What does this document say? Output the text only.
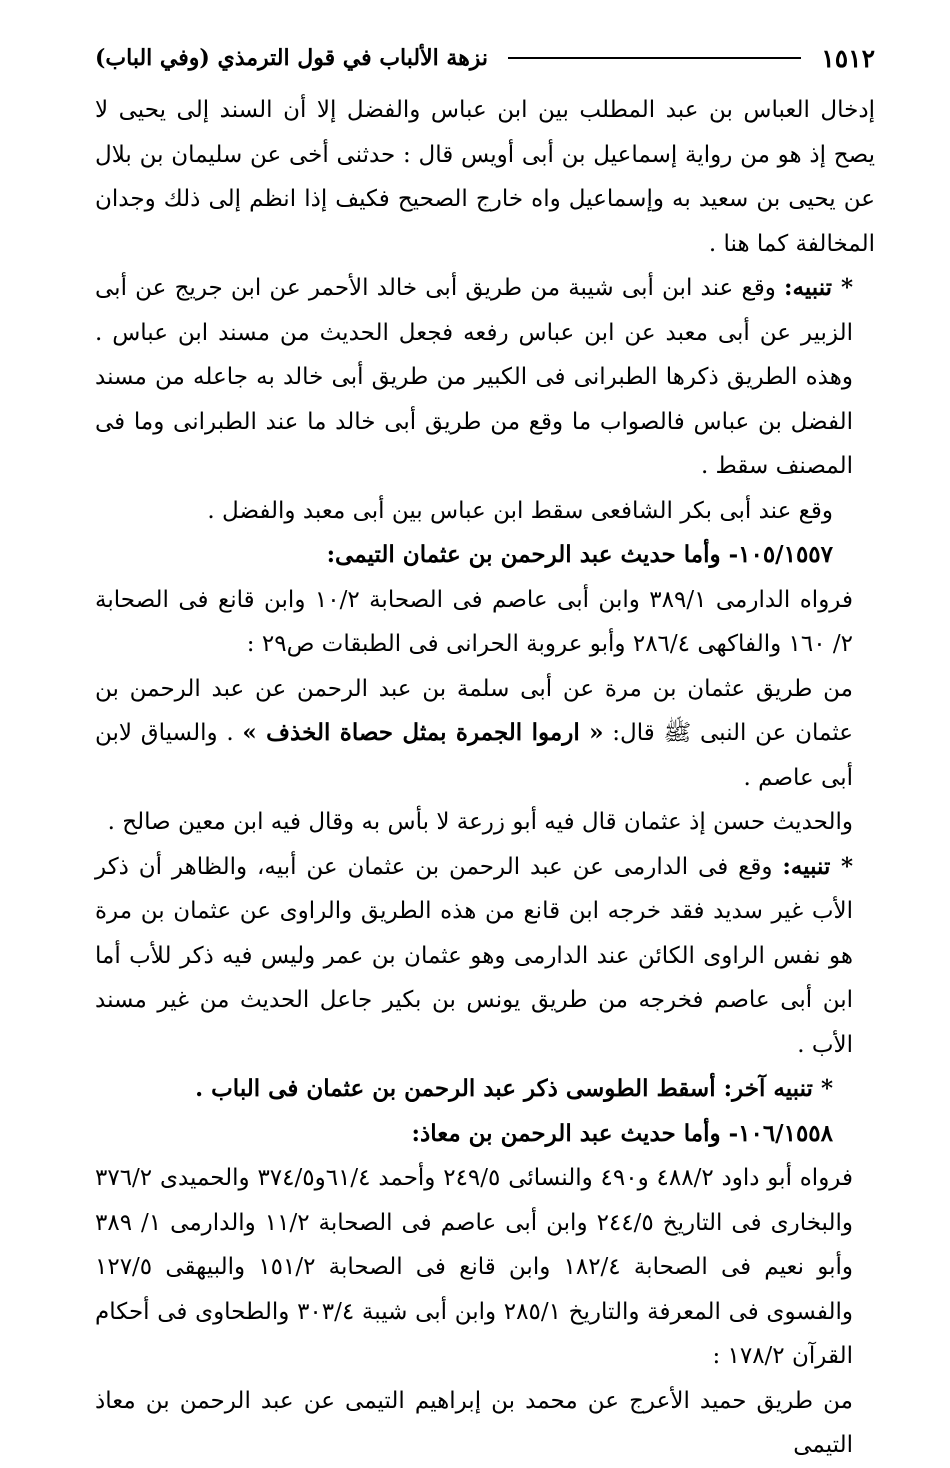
١٥١٢
نزهة الألباب في قول الترمذي (وفي الباب)

إدخال العباس بن عبد المطلب بين ابن عباس والفضل إلا أن السند إلى يحيى لا يصح إذ هو من رواية إسماعيل بن أبى أويس قال : حدثنى أخى عن سليمان بن بلال عن يحيى بن سعيد به وإسماعيل واه خارج الصحيح فكيف إذا انظم إلى ذلك وجدان المخالفة كما هنا .

* تنبيه: وقع عند ابن أبى شيبة من طريق أبى خالد الأحمر عن ابن جريج عن أبى الزبير عن أبى معبد عن ابن عباس رفعه فجعل الحديث من مسند ابن عباس . وهذه الطريق ذكرها الطبرانى فى الكبير من طريق أبى خالد به جاعله من مسند الفضل بن عباس فالصواب ما وقع من طريق أبى خالد ما عند الطبرانى وما فى المصنف سقط .

وقع عند أبى بكر الشافعى سقط ابن عباس بين أبى معبد والفضل .

١٠٥/١٥٥٧- وأما حديث عبد الرحمن بن عثمان التيمى:

فرواه الدارمى ٣٨٩/١ وابن أبى عاصم فى الصحابة ١٠/٢ وابن قانع فى الصحابة ٢/ ١٦٠ والفاكهى ٢٨٦/٤ وأبو عروبة الحرانى فى الطبقات ص٢٩ :

من طريق عثمان بن مرة عن أبى سلمة بن عبد الرحمن عن عبد الرحمن بن عثمان عن النبى ﷺ قال: « ارموا الجمرة بمثل حصاة الخذف » . والسياق لابن أبى عاصم .

والحديث حسن إذ عثمان قال فيه أبو زرعة لا بأس به وقال فيه ابن معين صالح .

* تنبيه: وقع فى الدارمى عن عبد الرحمن بن عثمان عن أبيه، والظاهر أن ذكر الأب غير سديد فقد خرجه ابن قانع من هذه الطريق والراوى عن عثمان بن مرة هو نفس الراوى الكائن عند الدارمى وهو عثمان بن عمر وليس فيه ذكر للأب أما ابن أبى عاصم فخرجه من طريق يونس بن بكير جاعل الحديث من غير مسند الأب .

* تنبيه آخر: أسقط الطوسى ذكر عبد الرحمن بن عثمان فى الباب .

١٠٦/١٥٥٨- وأما حديث عبد الرحمن بن معاذ:

فرواه أبو داود ٤٨٨/٢ و٤٩٠ والنسائى ٢٤٩/٥ وأحمد ٦١/٤و٣٧٤/٥ والحميدى ٣٧٦/٢ والبخارى فى التاريخ ٢٤٤/٥ وابن أبى عاصم فى الصحابة ١١/٢ والدارمى ١/ ٣٨٩ وأبو نعيم فى الصحابة ١٨٢/٤ وابن قانع فى الصحابة ١٥١/٢ والبيهقى ١٢٧/٥ والفسوى فى المعرفة والتاريخ ٢٨٥/١ وابن أبى شيبة ٣٠٣/٤ والطحاوى فى أحكام القرآن ١٧٨/٢ :

من طريق حميد الأعرج عن محمد بن إبراهيم التيمى عن عبد الرحمن بن معاذ التيمى
